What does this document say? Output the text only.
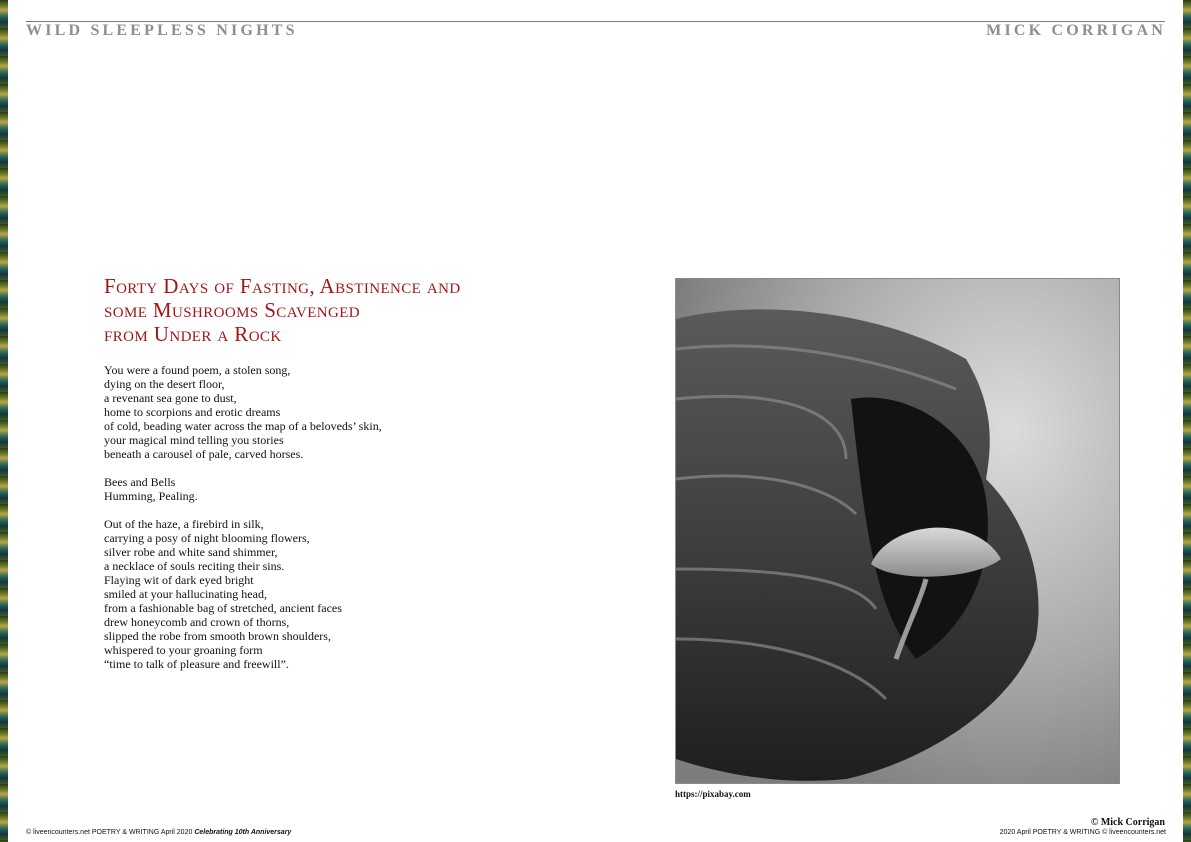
WILD SLEEPLESS NIGHTS	MICK CORRIGAN
Forty Days of Fasting, Abstinence and
some Mushrooms Scavenged
from Under a Rock
You were a found poem, a stolen song,
dying on the desert floor,
a revenant sea gone to dust,
home to scorpions and erotic dreams
of cold, beading water across the map of a beloveds’ skin,
your magical mind telling you stories
beneath a carousel of pale, carved horses.
Bees and Bells
Humming, Pealing.
Out of the haze, a firebird in silk,
carrying a posy of night blooming flowers,
silver robe and white sand shimmer,
a necklace of souls reciting their sins.
Flaying wit of dark eyed bright
smiled at your hallucinating head,
from a fashionable bag of stretched, ancient faces
drew honeycomb and crown of thorns,
slipped the robe from smooth brown shoulders,
whispered to your groaning form
“time to talk of pleasure and freewill”.
https://pixabay.com
© Mick Corrigan
© liveencounters.net POETRY & WRITING April 2020 Celebrating 10th Anniversary	2020 April POETRY & WRITING © liveencounters.net
